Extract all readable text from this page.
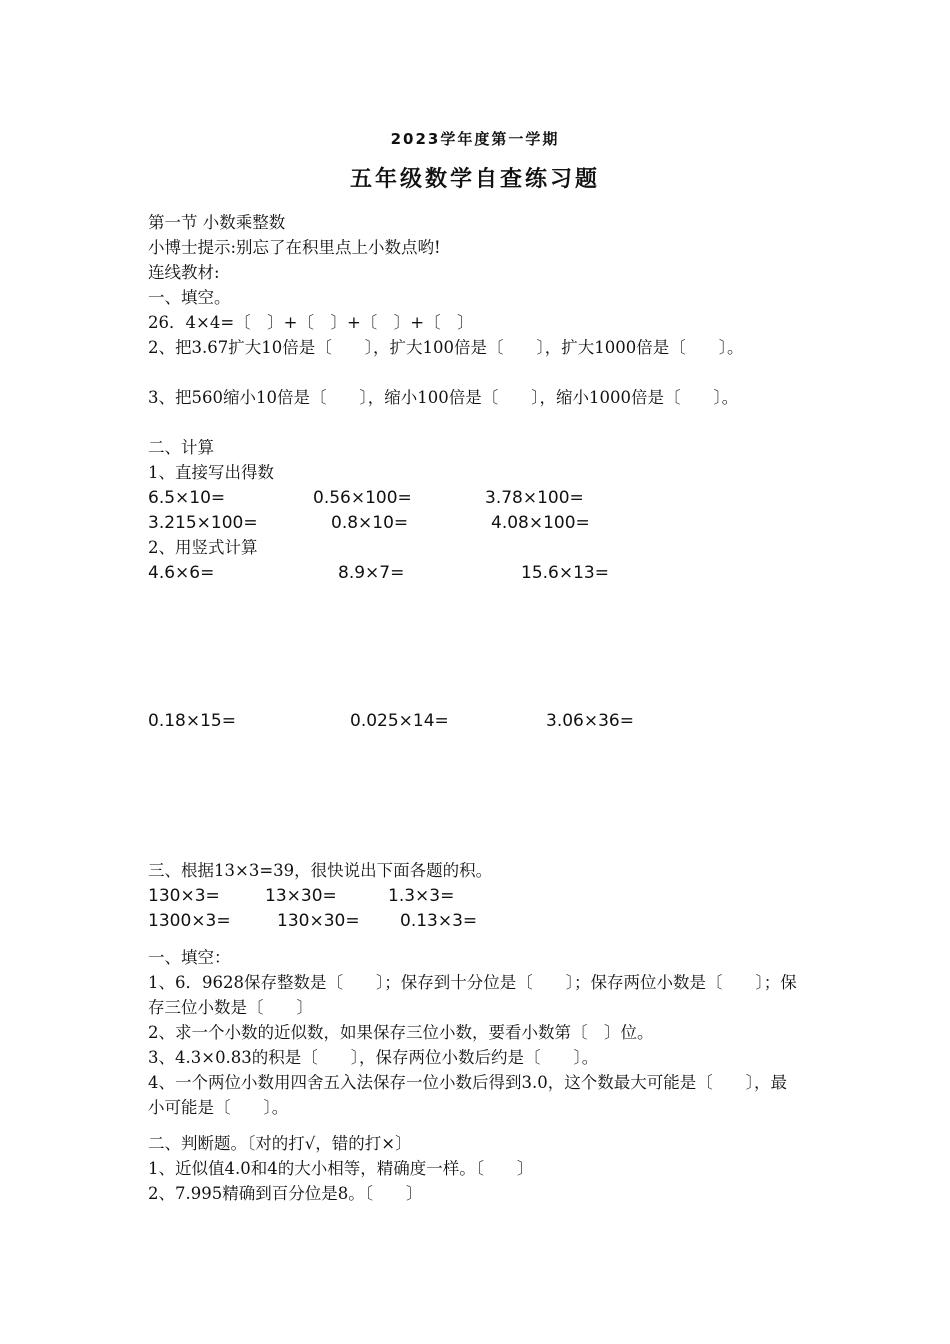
2023学年度第一学期
五年级数学自查练习题
第一节 小数乘整数
小博士提示:别忘了在积里点上小数点哟!
连线教材:
一、填空。
26．4×4=〔　〕+〔　〕+〔　〕+〔　〕
2、把3.67扩大10倍是〔　　〕，扩大100倍是〔　　〕，扩大1000倍是〔　　〕。
3、把560缩小10倍是〔　　〕，缩小100倍是〔　　〕，缩小1000倍是〔　　〕。
二、计算
1、直接写出得数
6.5×10=	0.56×100=	3.78×100=
3.215×100=	0.8×10=	4.08×100=
2、用竖式计算
4.6×6=	8.9×7=	15.6×13=
0.18×15=	0.025×14=	3.06×36=
三、根据13×3=39，很快说出下面各题的积。
130×3=	13×30=	1.3×3=
1300×3=	130×30= 0.13×3=
一、填空：
1、6．9628保存整数是〔　　〕；保存到十分位是〔　　〕；保存两位小数是〔　　〕；保存三位小数是〔　　〕
2、求一个小数的近似数，如果保存三位小数，要看小数第〔　〕位。
3、4.3×0.83的积是〔　　〕，保存两位小数后约是〔　　〕。
4、一个两位小数用四舍五入法保存一位小数后得到3.0，这个数最大可能是〔　　〕，最小可能是〔　　〕。
二、判断题。〔对的打√，错的打×〕
1、近似值4.0和4的大小相等，精确度一样。〔　　〕
2、7.995精确到百分位是8。〔　　〕
